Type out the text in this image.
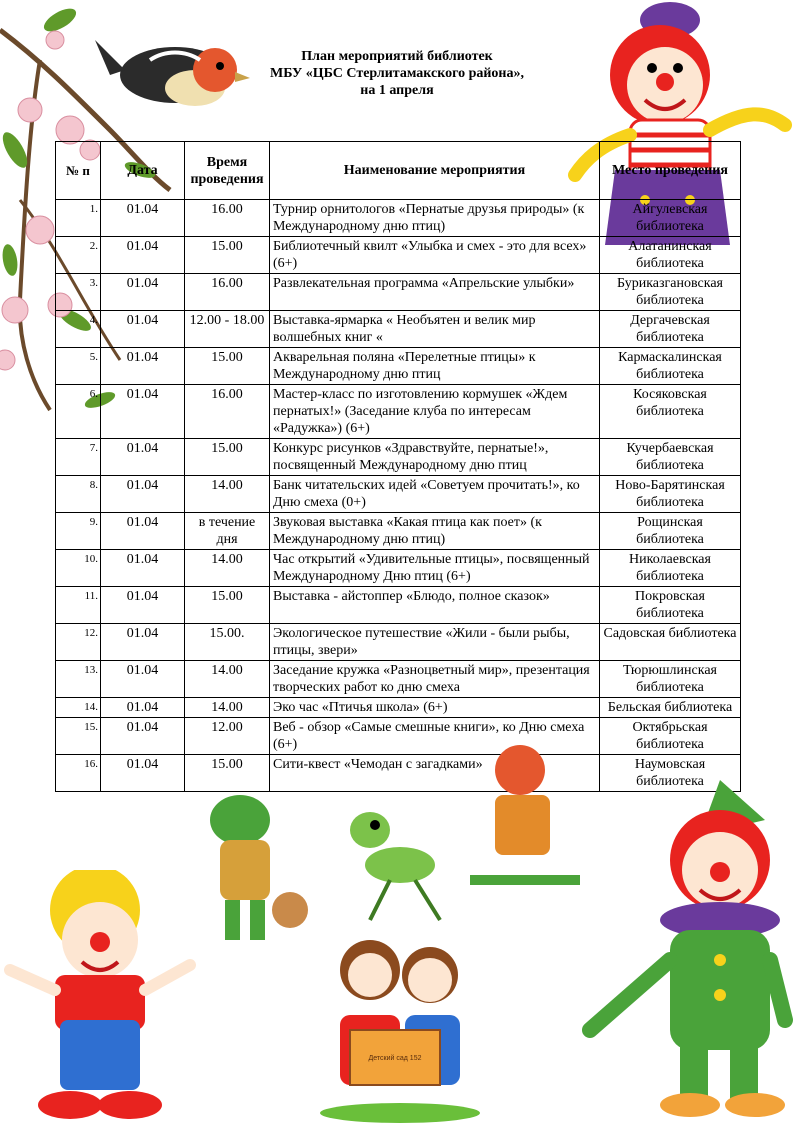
План мероприятий библиотек
МБУ «ЦБС Стерлитамакского района»,
на 1 апреля
№ п	Дата	Время проведения	Наименование мероприятия	Место проведения
1.	01.04	16.00	Турнир орнитологов «Пернатые друзья природы» (к Международному дню птиц)	Айгулевская библиотека
2.	01.04	15.00	Библиотечный квилт «Улыбка и смех - это для всех» (6+)	Алатанинская библиотека
3.	01.04	16.00	Развлекательная программа «Апрельские улыбки»	Буриказгановская библиотека
4.	01.04	12.00 - 18.00	Выставка-ярмарка « Необъятен и велик мир волшебных книг «	Дергачевская библиотека
5.	01.04	15.00	Акварельная поляна «Перелетные птицы» к Международному дню птиц	Кармаскалинская библиотека
6.	01.04	16.00	Мастер-класс по изготовлению кормушек «Ждем пернатых!» (Заседание клуба по интересам «Радужка») (6+)	Косяковская библиотека
7.	01.04	15.00	Конкурс рисунков «Здравствуйте, пернатые!», посвященный Международному дню птиц	Кучербаевская библиотека
8.	01.04	14.00	Банк читательских идей «Советуем прочитать!», ко Дню смеха (0+)	Ново-Барятинская библиотека
9.	01.04	в течение дня	Звуковая выставка «Какая птица как поет» (к Международному дню птиц)	Рощинская библиотека
10.	01.04	14.00	Час открытий «Удивительные птицы», посвященный Международному Дню птиц (6+)	Николаевская библиотека
11.	01.04	15.00	Выставка - айстоппер «Блюдо, полное сказок»	Покровская библиотека
12.	01.04	15.00.	Экологическое путешествие «Жили - были рыбы, птицы, звери»	Садовская библиотека
13.	01.04	14.00	Заседание кружка «Разноцветный мир», презентация творческих работ ко дню смеха	Тюрюшлинская библиотека
14.	01.04	14.00	Эко час «Птичья школа» (6+)	Бельская библиотека
15.	01.04	12.00	Веб - обзор «Самые смешные книги», ко Дню смеха (6+)	Октябрьская библиотека
16.	01.04	15.00	Сити-квест «Чемодан с загадками»	Наумовская библиотека
Детский сад 152
